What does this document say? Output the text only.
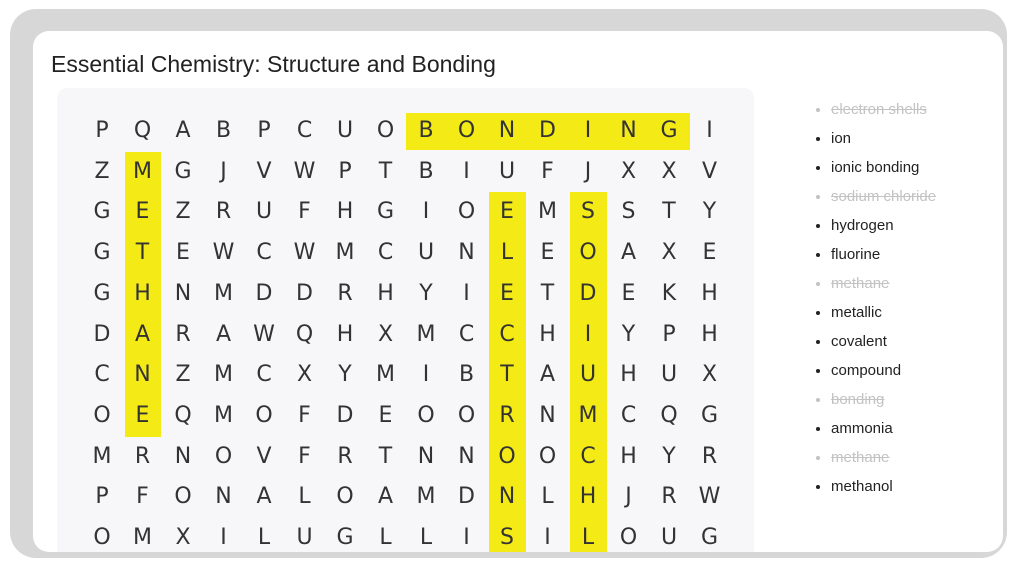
Essential Chemistry: Structure and Bonding
P	Q	A	B	P	C	U	O	B	O	N	D	I	N	G	I
Z	M	G	J	V	W	P	T	B	I	U	F	J	X	X	V
G	E	Z	R	U	F	H	G	I	O	E	M	S	S	T	Y
G	T	E	W C W M	C	U	N	L	E	O	A	X	E
G	H	N	M	D	D	R	H	Y	I	E	T	D	E	K	H
D	A	R	A	W Q	H	X	M	C	C	H	I	Y	P	H
C	N	Z	M	C	X	Y	M	I	B	T	A	U	H	U	X
O	E	Q	M	O	F	D	E	O	O	R	N	M	C	Q	G
M	R	N	O	V	F	R	T	N	N	O	O	C	H	Y	R
P	F	O	N	A	L	O	A	M	D	N	L	H	J	R W
O	M	X	I	L	U	G	L	L	I	S	I	L	O	U	G
• electron shells
• ion
• ionic bonding
• sodium chloride
• hydrogen
• fluorine
• methane
• metallic
• covalent
• compound
• bonding
• ammonia
• methane
• methanol
